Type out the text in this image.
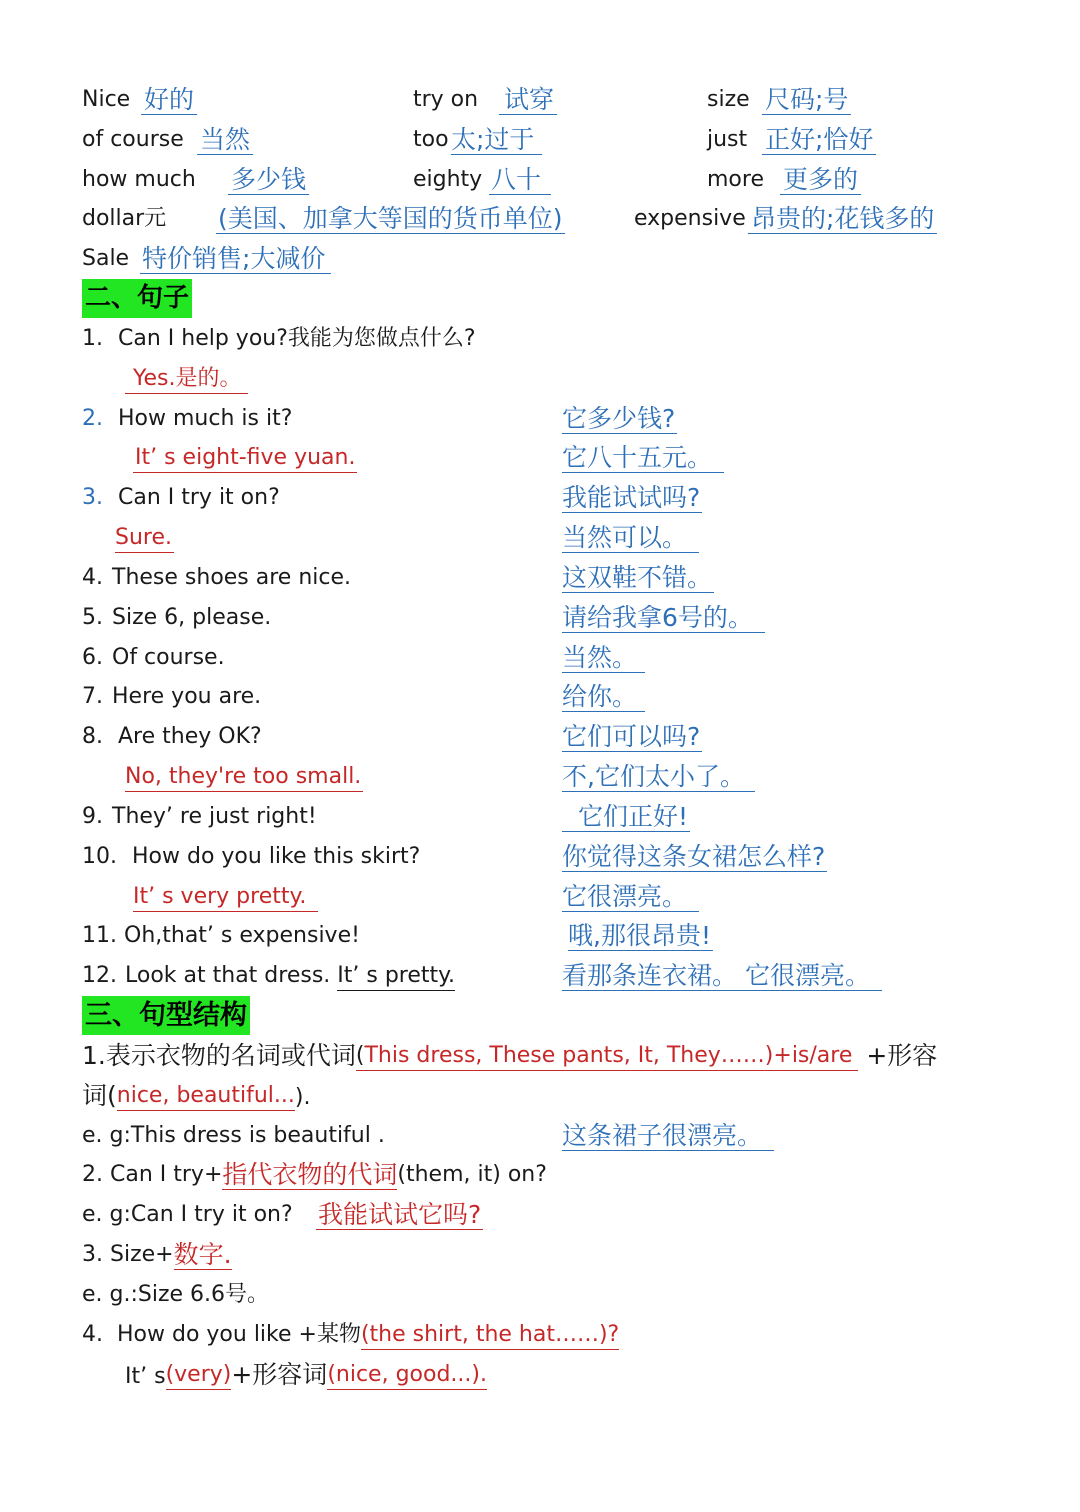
Nice 好的	try on 试穿	size 尺码;号
of course 当然	too 太;过于	just 正好;恰好
how much 多少钱	eighty 八十	more 更多的
dollar元 (美国、加拿大等国的货币单位)	expensive 昂贵的;花钱多的
Sale 特价销售;大减价
二、句子
1. Can I help you?我能为您做点什么?
Yes.是的。
2. How much is it?	它多少钱?
It’ s eight-five yuan.	它八十五元。
3. Can I try it on?	我能试试吗?
Sure.	当然可以。
4. These shoes are nice.	这双鞋不错。
5. Size 6, please.	请给我拿6号的。
6. Of course.	当然。
7. Here you are.	给你。
8. Are they OK?	它们可以吗?
No, they're too small.	不,它们太小了。
9. They’ re just right!	它们正好!
10. How do you like this skirt?	你觉得这条女裙怎么样?
It’ s very pretty.	它很漂亮。
11. Oh,that’ s expensive!	哦,那很昂贵!
12. Look at that dress. It’ s pretty.	看那条连衣裙。 它很漂亮。
三、句型结构
1.表示衣物的名词或代词(This dress, These pants, It, They……)+is/are +形容
词(nice, beautiful...).
e. g:This dress is beautiful .	这条裙子很漂亮。
2. Can I try+指代衣物的代词(them, it) on?
e. g:Can I try it on? 我能试试它吗?
3. Size+数字.
e. g.:Size 6.6号。
4. How do you like +某物(the shirt, the hat……)?
It’ s(very)+形容词(nice, good...).
